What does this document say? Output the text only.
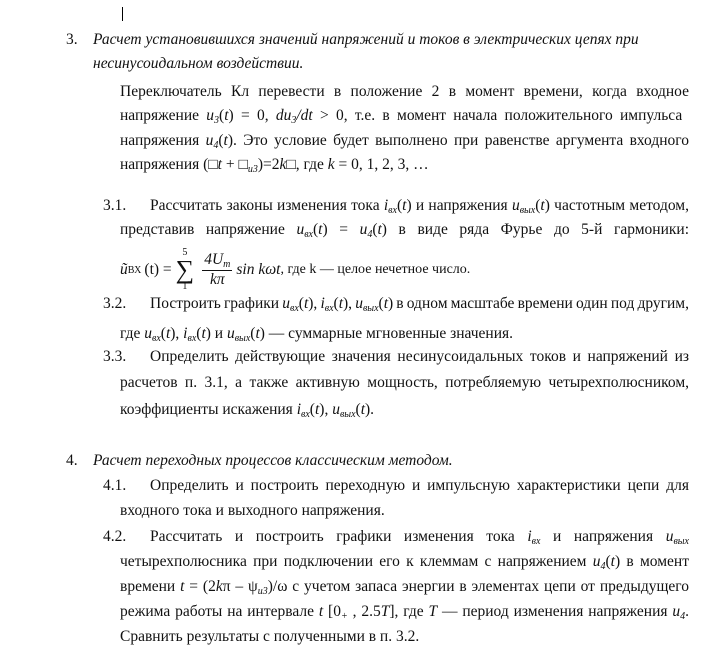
3. Расчет установившихся значений напряжений и токов в электрических цепях при
несинусоидальном воздействии.
Переключатель Кл перевести в положение 2 в момент времени, когда входное
напряжение u3(t) = 0, du3/dt > 0, т.е. в момент начала положительного импульса
напряжения u4(t). Это условие будет выполнено при равенстве аргумента входного
напряжения (□t + □u3)=2k□, где k = 0, 1, 2, 3, …
3.1. Рассчитать законы изменения тока iвх(t) и напряжения uвых(t) частотным методом,
представив напряжение uвх(t) = u4(t) в виде ряда Фурье до 5-й гармоники:
3.2. Построить графики uвх(t), iвх(t), uвых(t) в одном масштабе времени один под другим,
где uвх(t), iвх(t) и uвых(t) — суммарные мгновенные значения.
3.3. Определить действующие значения несинусоидальных токов и напряжений из
расчетов п. 3.1, а также активную мощность, потребляемую четырехполюсником,
коэффициенты искажения iвх(t), uвых(t).
4. Расчет переходных процессов классическим методом.
4.1. Определить и построить переходную и импульсную характеристики цепи для
входного тока и выходного напряжения.
4.2. Рассчитать и построить графики изменения тока iвх и напряжения uвых
четырехполюсника при подключении его к клеммам с напряжением u4(t) в момент
времени t = (2kπ – ψu3)/ω с учетом запаса энергии в элементах цепи от предыдущего
режима работы на интервале t [0+ , 2.5T], где T — период изменения напряжения u4.
Сравнить результаты с полученными в п. 3.2.
ũ ВХ (t) =
5
∑
$1 \frac{4U_m}{k\pi}$ sin kωt , где k — целое нечетное число.
